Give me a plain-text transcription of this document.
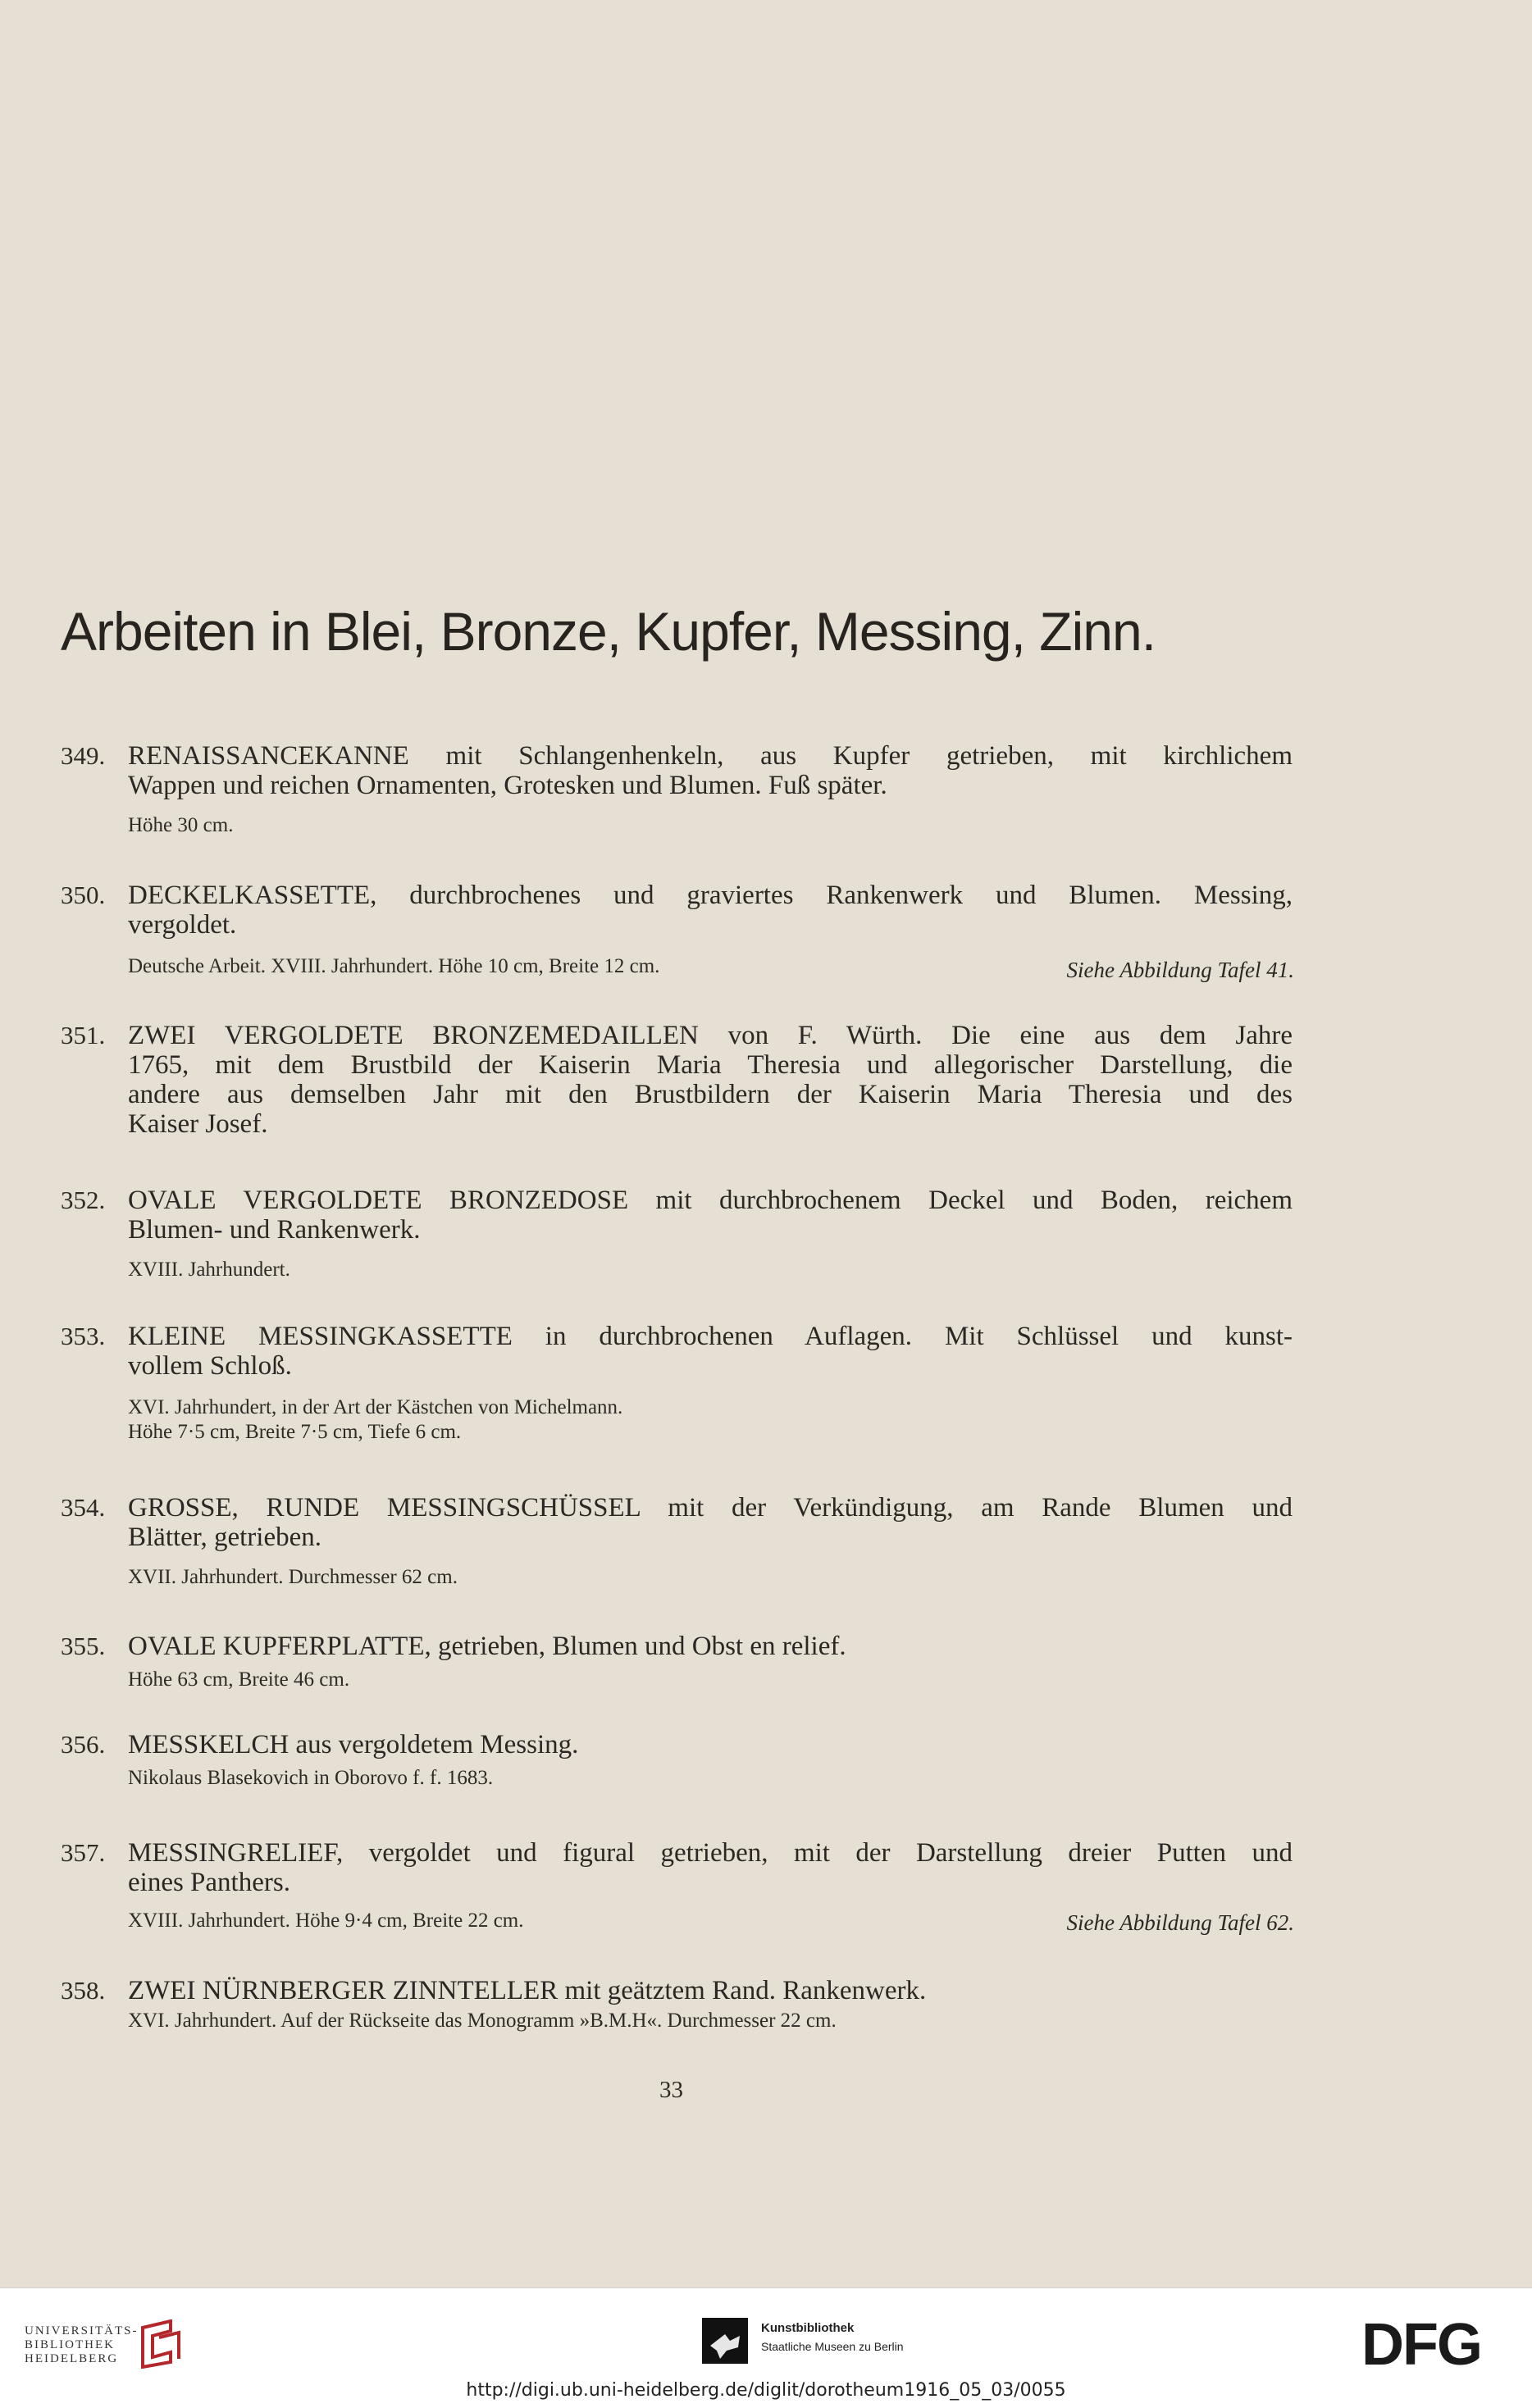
Arbeiten in Blei, Bronze, Kupfer, Messing, Zinn.
349. RENAISSANCEKANNE mit Schlangenhenkeln, aus Kupfer getrieben, mit kirchlichem
Wappen und reichen Ornamenten, Grotesken und Blumen. Fuß später.
Höhe 30 cm.
350. DECKELKASSETTE, durchbrochenes und graviertes Rankenwerk und Blumen. Messing,
vergoldet.
Deutsche Arbeit. XVIII. Jahrhundert. Höhe 10 cm, Breite 12 cm.	Siehe Abbildung Tafel 41.
351. ZWEI VERGOLDETE BRONZEMEDAILLEN von F. Würth. Die eine aus dem Jahre
1765, mit dem Brustbild der Kaiserin Maria Theresia und allegorischer Darstellung, die
andere aus demselben Jahr mit den Brustbildern der Kaiserin Maria Theresia und des
Kaiser Josef.
352. OVALE VERGOLDETE BRONZEDOSE mit durchbrochenem Deckel und Boden, reichem
Blumen- und Rankenwerk.
XVIII. Jahrhundert.
353. KLEINE MESSINGKASSETTE in durchbrochenen Auflagen. Mit Schlüssel und kunst-
vollem Schloß.
XVI. Jahrhundert, in der Art der Kästchen von Michelmann.
Höhe 7·5 cm, Breite 7·5 cm, Tiefe 6 cm.
354. GROSSE, RUNDE MESSINGSCHÜSSEL mit der Verkündigung, am Rande Blumen und
Blätter, getrieben.
XVII. Jahrhundert. Durchmesser 62 cm.
355. OVALE KUPFERPLATTE, getrieben, Blumen und Obst en relief.
Höhe 63 cm, Breite 46 cm.
356. MESSKELCH aus vergoldetem Messing.
Nikolaus Blasekovich in Oborovo f. f. 1683.
357. MESSINGRELIEF, vergoldet und figural getrieben, mit der Darstellung dreier Putten und
eines Panthers.
XVIII. Jahrhundert. Höhe 9·4 cm, Breite 22 cm.	Siehe Abbildung Tafel 62.
358. ZWEI NÜRNBERGER ZINNTELLER mit geätztem Rand. Rankenwerk.
XVI. Jahrhundert. Auf der Rückseite das Monogramm »B.M.H«. Durchmesser 22 cm.
33
UNIVERSITÄTS-
BIBLIOTHEK
HEIDELBERG
Kunstbibliothek
Staatliche Museen zu Berlin	DFG
http://digi.ub.uni-heidelberg.de/diglit/dorotheum1916_05_03/0055
